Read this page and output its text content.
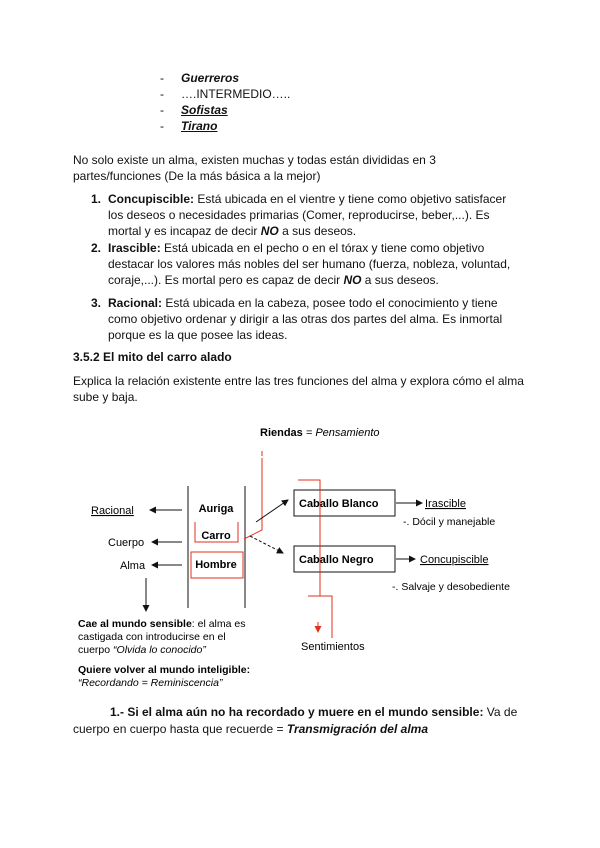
-	Guerreros
-	….INTERMEDIO…..
-	Sofistas
-	Tirano
No solo existe un alma, existen muchas y todas están divididas en 3
partes/funciones (De la más básica a la mejor)
1. Concupiscible: Está ubicada en el vientre y tiene como objetivo satisfacer
los deseos o necesidades primarias (Comer, reproducirse, beber,...). Es
mortal y es incapaz de decir NO a sus deseos.
2. Irascible: Está ubicada en el pecho o en el tórax y tiene como objetivo
destacar los valores más nobles del ser humano (fuerza, nobleza, voluntad,
coraje,...). Es mortal pero es capaz de decir NO a sus deseos.
3. Racional: Está ubicada en la cabeza, posee todo el conocimiento y tiene
como objetivo ordenar y dirigir a las otras dos partes del alma. Es inmortal
porque es la que posee las ideas.
3.5.2 El mito del carro alado
Explica la relación existente entre las tres funciones del alma y explora cómo el alma
sube y baja.
Riendas = Pensamiento
Racional
Cuerpo
Alma
Auriga
Carro
Hombre
Caballo Blanco
Caballo Negro
Sentimientos
Irascible
-. Dócil y manejable
Concupiscible
-. Salvaje y desobediente
Cae al mundo sensible: el alma es
castigada con introducirse en el
cuerpo “Olvida lo conocido”
Quiere volver al mundo inteligible:
“Recordando = Reminiscencia”
1.- Si el alma aún no ha recordado y muere en el mundo sensible: Va de
cuerpo en cuerpo hasta que recuerde = Transmigración del alma
